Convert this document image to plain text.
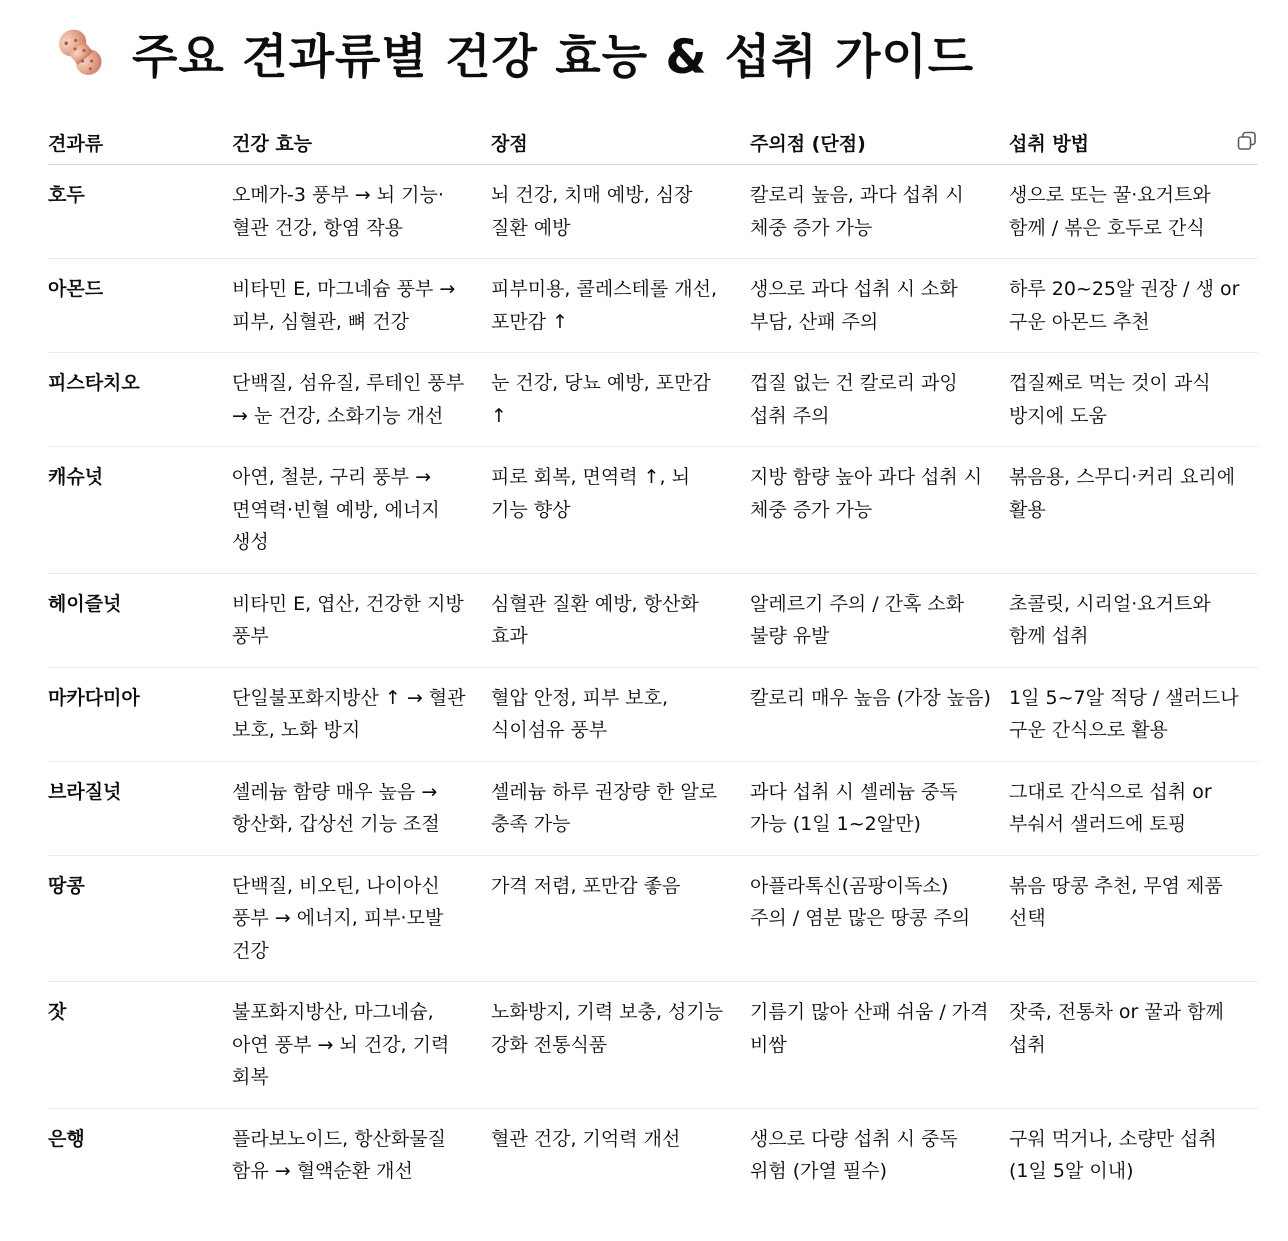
주요 견과류별 건강 효능 & 섭취 가이드
견과류	건강 효능	장점	주의점 (단점)	섭취 방법

호두	오메가-3 풍부 → 뇌 기능·혈관 건강, 항염 작용	뇌 건강, 치매 예방, 심장 질환 예방	칼로리 높음, 과다 섭취 시 체중 증가 가능	생으로 또는 꿀·요거트와 함께 / 볶은 호두로 간식
아몬드	비타민 E, 마그네슘 풍부 → 피부, 심혈관, 뼈 건강	피부미용, 콜레스테롤 개선, 포만감 ↑	생으로 과다 섭취 시 소화 부담, 산패 주의	하루 20~25알 권장 / 생 or 구운 아몬드 추천
피스타치오	단백질, 섬유질, 루테인 풍부 → 눈 건강, 소화기능 개선	눈 건강, 당뇨 예방, 포만감 ↑	껍질 없는 건 칼로리 과잉 섭취 주의	껍질째로 먹는 것이 과식 방지에 도움
캐슈넛	아연, 철분, 구리 풍부 → 면역력·빈혈 예방, 에너지 생성	피로 회복, 면역력 ↑, 뇌 기능 향상	지방 함량 높아 과다 섭취 시 체중 증가 가능	볶음용, 스무디·커리 요리에 활용
헤이즐넛	비타민 E, 엽산, 건강한 지방 풍부	심혈관 질환 예방, 항산화 효과	알레르기 주의 / 간혹 소화 불량 유발	초콜릿, 시리얼·요거트와 함께 섭취
마카다미아	단일불포화지방산 ↑ → 혈관 보호, 노화 방지	혈압 안정, 피부 보호, 식이섬유 풍부	칼로리 매우 높음 (가장 높음)	1일 5~7알 적당 / 샐러드나 구운 간식으로 활용
브라질넛	셀레늄 함량 매우 높음 → 항산화, 갑상선 기능 조절	셀레늄 하루 권장량 한 알로 충족 가능	과다 섭취 시 셀레늄 중독 가능 (1일 1~2알만)	그대로 간식으로 섭취 or 부숴서 샐러드에 토핑
땅콩	단백질, 비오틴, 나이아신 풍부 → 에너지, 피부·모발 건강	가격 저렴, 포만감 좋음	아플라톡신(곰팡이독소) 주의 / 염분 많은 땅콩 주의	볶음 땅콩 추천, 무염 제품 선택
잣	불포화지방산, 마그네슘, 아연 풍부 → 뇌 건강, 기력 회복	노화방지, 기력 보충, 성기능 강화 전통식품	기름기 많아 산패 쉬움 / 가격 비쌈	잣죽, 전통차 or 꿀과 함께 섭취
은행	플라보노이드, 항산화물질 함유 → 혈액순환 개선	혈관 건강, 기억력 개선	생으로 다량 섭취 시 중독 위험 (가열 필수)	구워 먹거나, 소량만 섭취 (1일 5알 이내)
